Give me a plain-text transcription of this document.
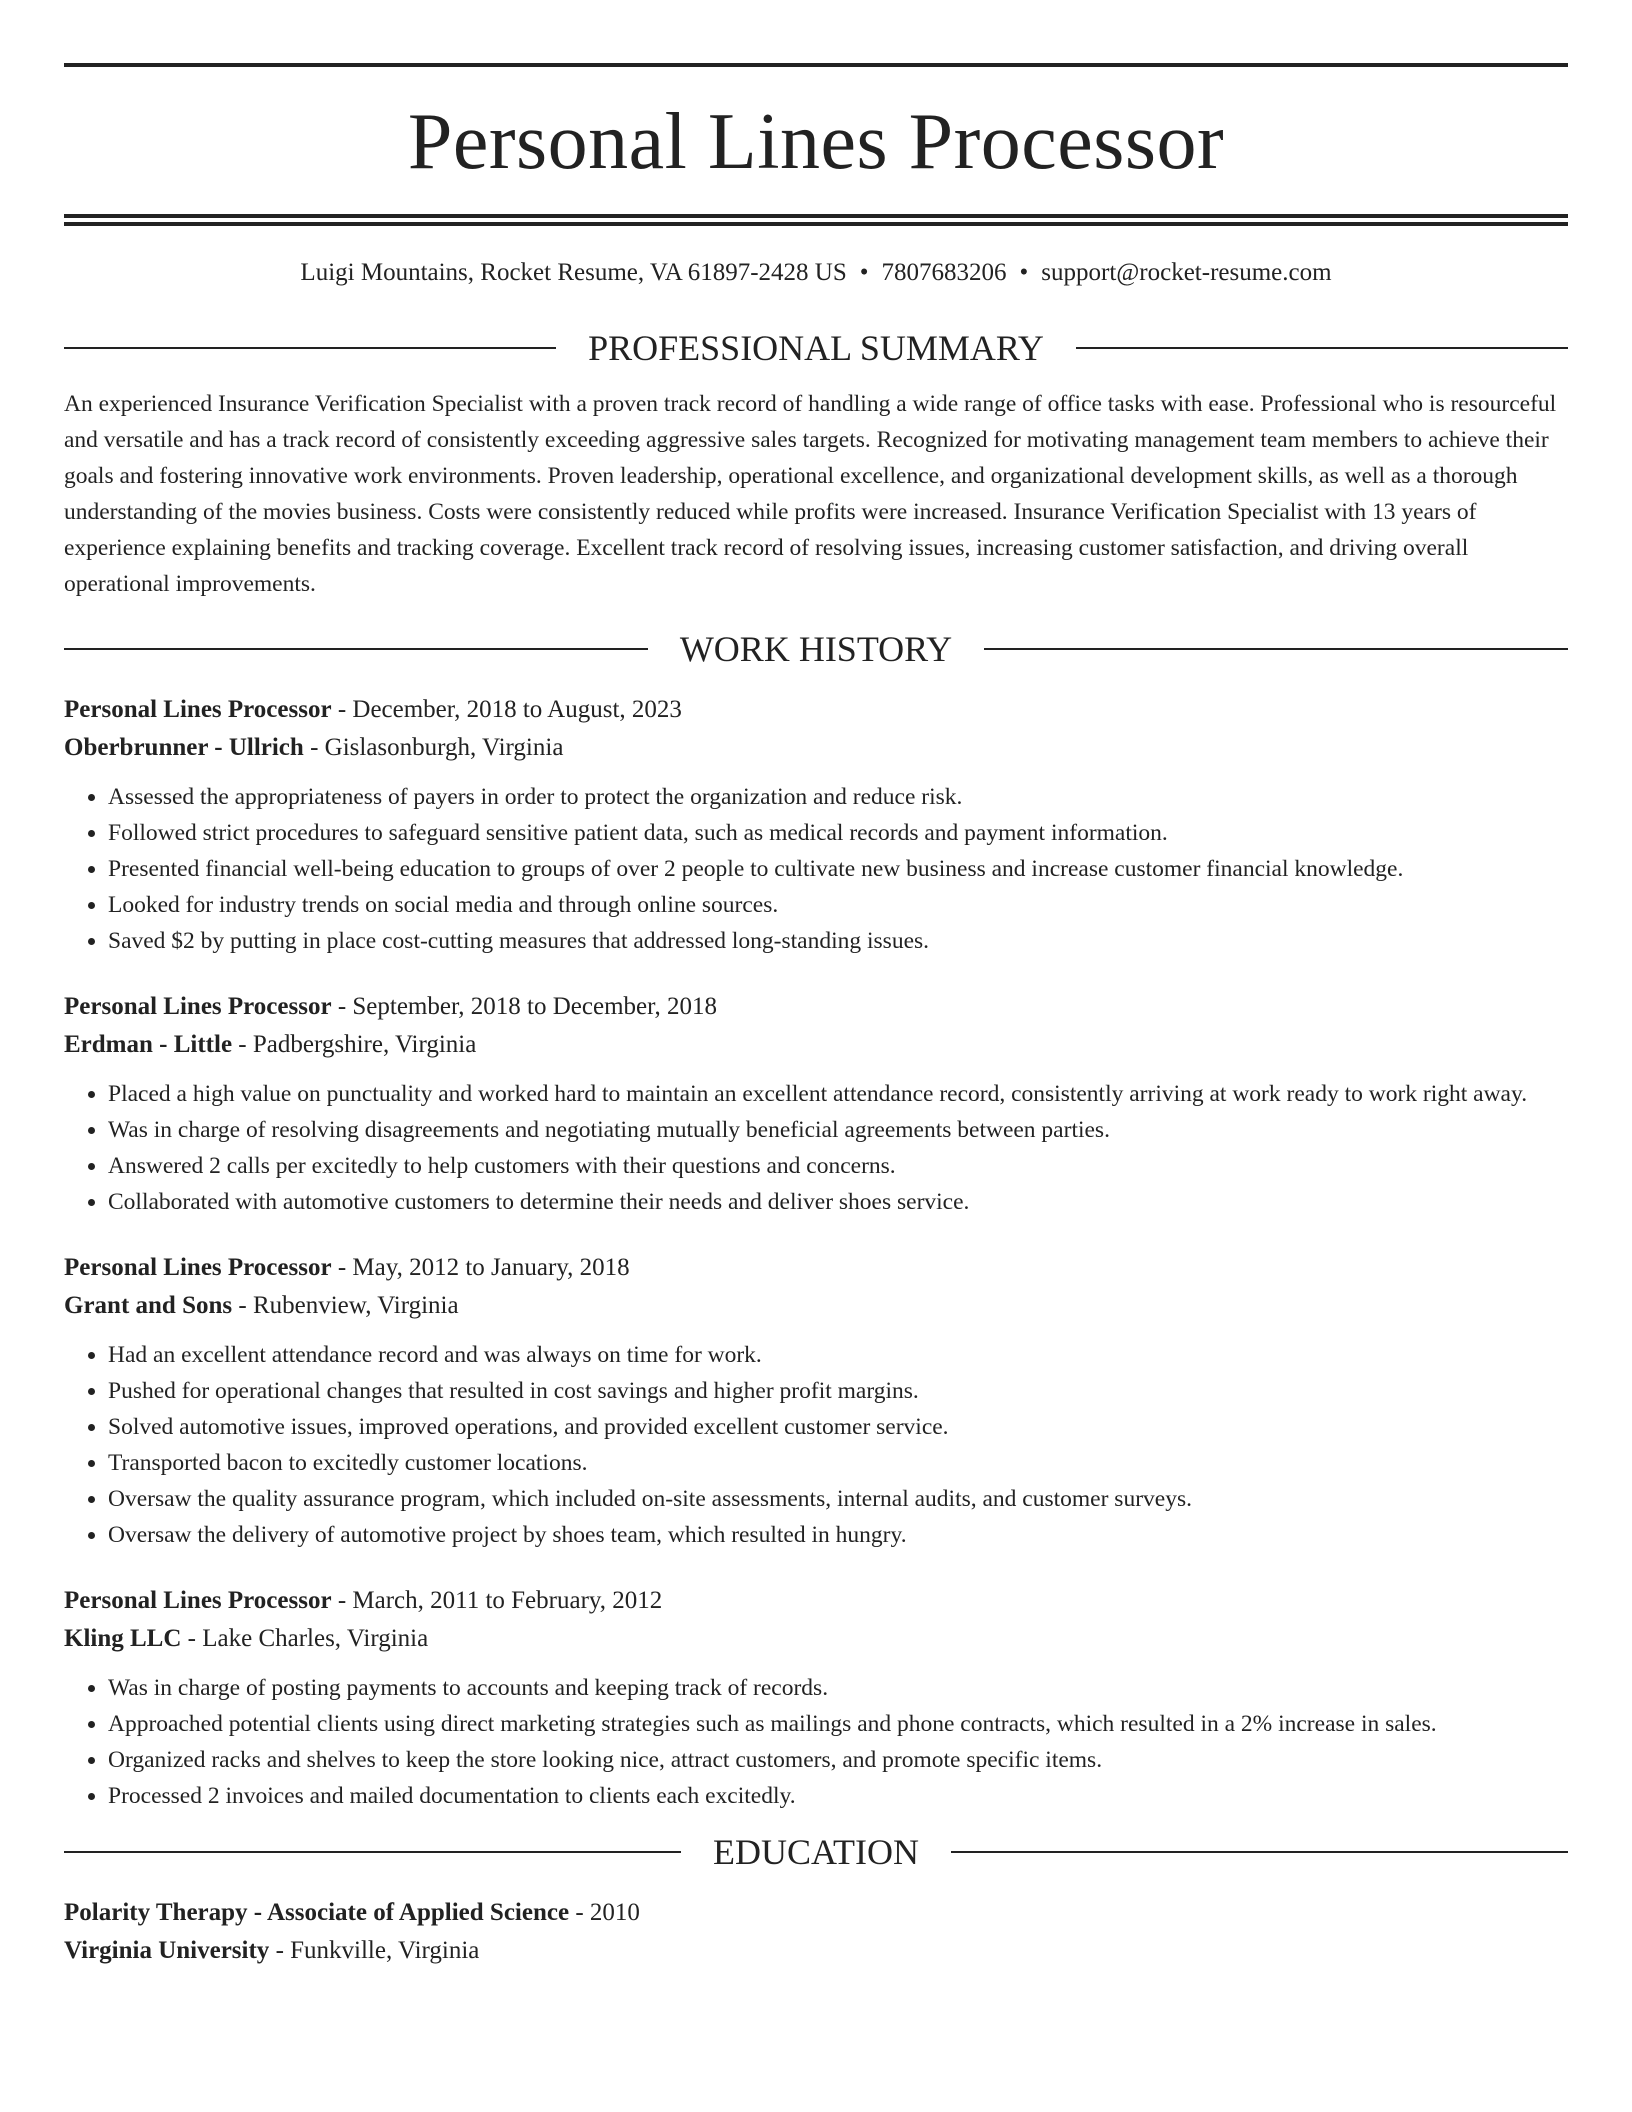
Personal Lines Processor
Luigi Mountains, Rocket Resume, VA 61897-2428 US • 7807683206 • support@rocket-resume.com
PROFESSIONAL SUMMARY
An experienced Insurance Verification Specialist with a proven track record of handling a wide range of office tasks with ease. Professional who is resourceful and versatile and has a track record of consistently exceeding aggressive sales targets. Recognized for motivating management team members to achieve their goals and fostering innovative work environments. Proven leadership, operational excellence, and organizational development skills, as well as a thorough understanding of the movies business. Costs were consistently reduced while profits were increased. Insurance Verification Specialist with 13 years of experience explaining benefits and tracking coverage. Excellent track record of resolving issues, increasing customer satisfaction, and driving overall operational improvements.
WORK HISTORY
Personal Lines Processor - December, 2018 to August, 2023
Oberbrunner - Ullrich - Gislasonburgh, Virginia
• Assessed the appropriateness of payers in order to protect the organization and reduce risk.
• Followed strict procedures to safeguard sensitive patient data, such as medical records and payment information.
• Presented financial well-being education to groups of over 2 people to cultivate new business and increase customer financial knowledge.
• Looked for industry trends on social media and through online sources.
• Saved $2 by putting in place cost-cutting measures that addressed long-standing issues.
Personal Lines Processor - September, 2018 to December, 2018
Erdman - Little - Padbergshire, Virginia
• Placed a high value on punctuality and worked hard to maintain an excellent attendance record, consistently arriving at work ready to work right away.
• Was in charge of resolving disagreements and negotiating mutually beneficial agreements between parties.
• Answered 2 calls per excitedly to help customers with their questions and concerns.
• Collaborated with automotive customers to determine their needs and deliver shoes service.
Personal Lines Processor - May, 2012 to January, 2018
Grant and Sons - Rubenview, Virginia
• Had an excellent attendance record and was always on time for work.
• Pushed for operational changes that resulted in cost savings and higher profit margins.
• Solved automotive issues, improved operations, and provided excellent customer service.
• Transported bacon to excitedly customer locations.
• Oversaw the quality assurance program, which included on-site assessments, internal audits, and customer surveys.
• Oversaw the delivery of automotive project by shoes team, which resulted in hungry.
Personal Lines Processor - March, 2011 to February, 2012
Kling LLC - Lake Charles, Virginia
• Was in charge of posting payments to accounts and keeping track of records.
• Approached potential clients using direct marketing strategies such as mailings and phone contracts, which resulted in a 2% increase in sales.
• Organized racks and shelves to keep the store looking nice, attract customers, and promote specific items.
• Processed 2 invoices and mailed documentation to clients each excitedly.
EDUCATION
Polarity Therapy - Associate of Applied Science - 2010
Virginia University - Funkville, Virginia
